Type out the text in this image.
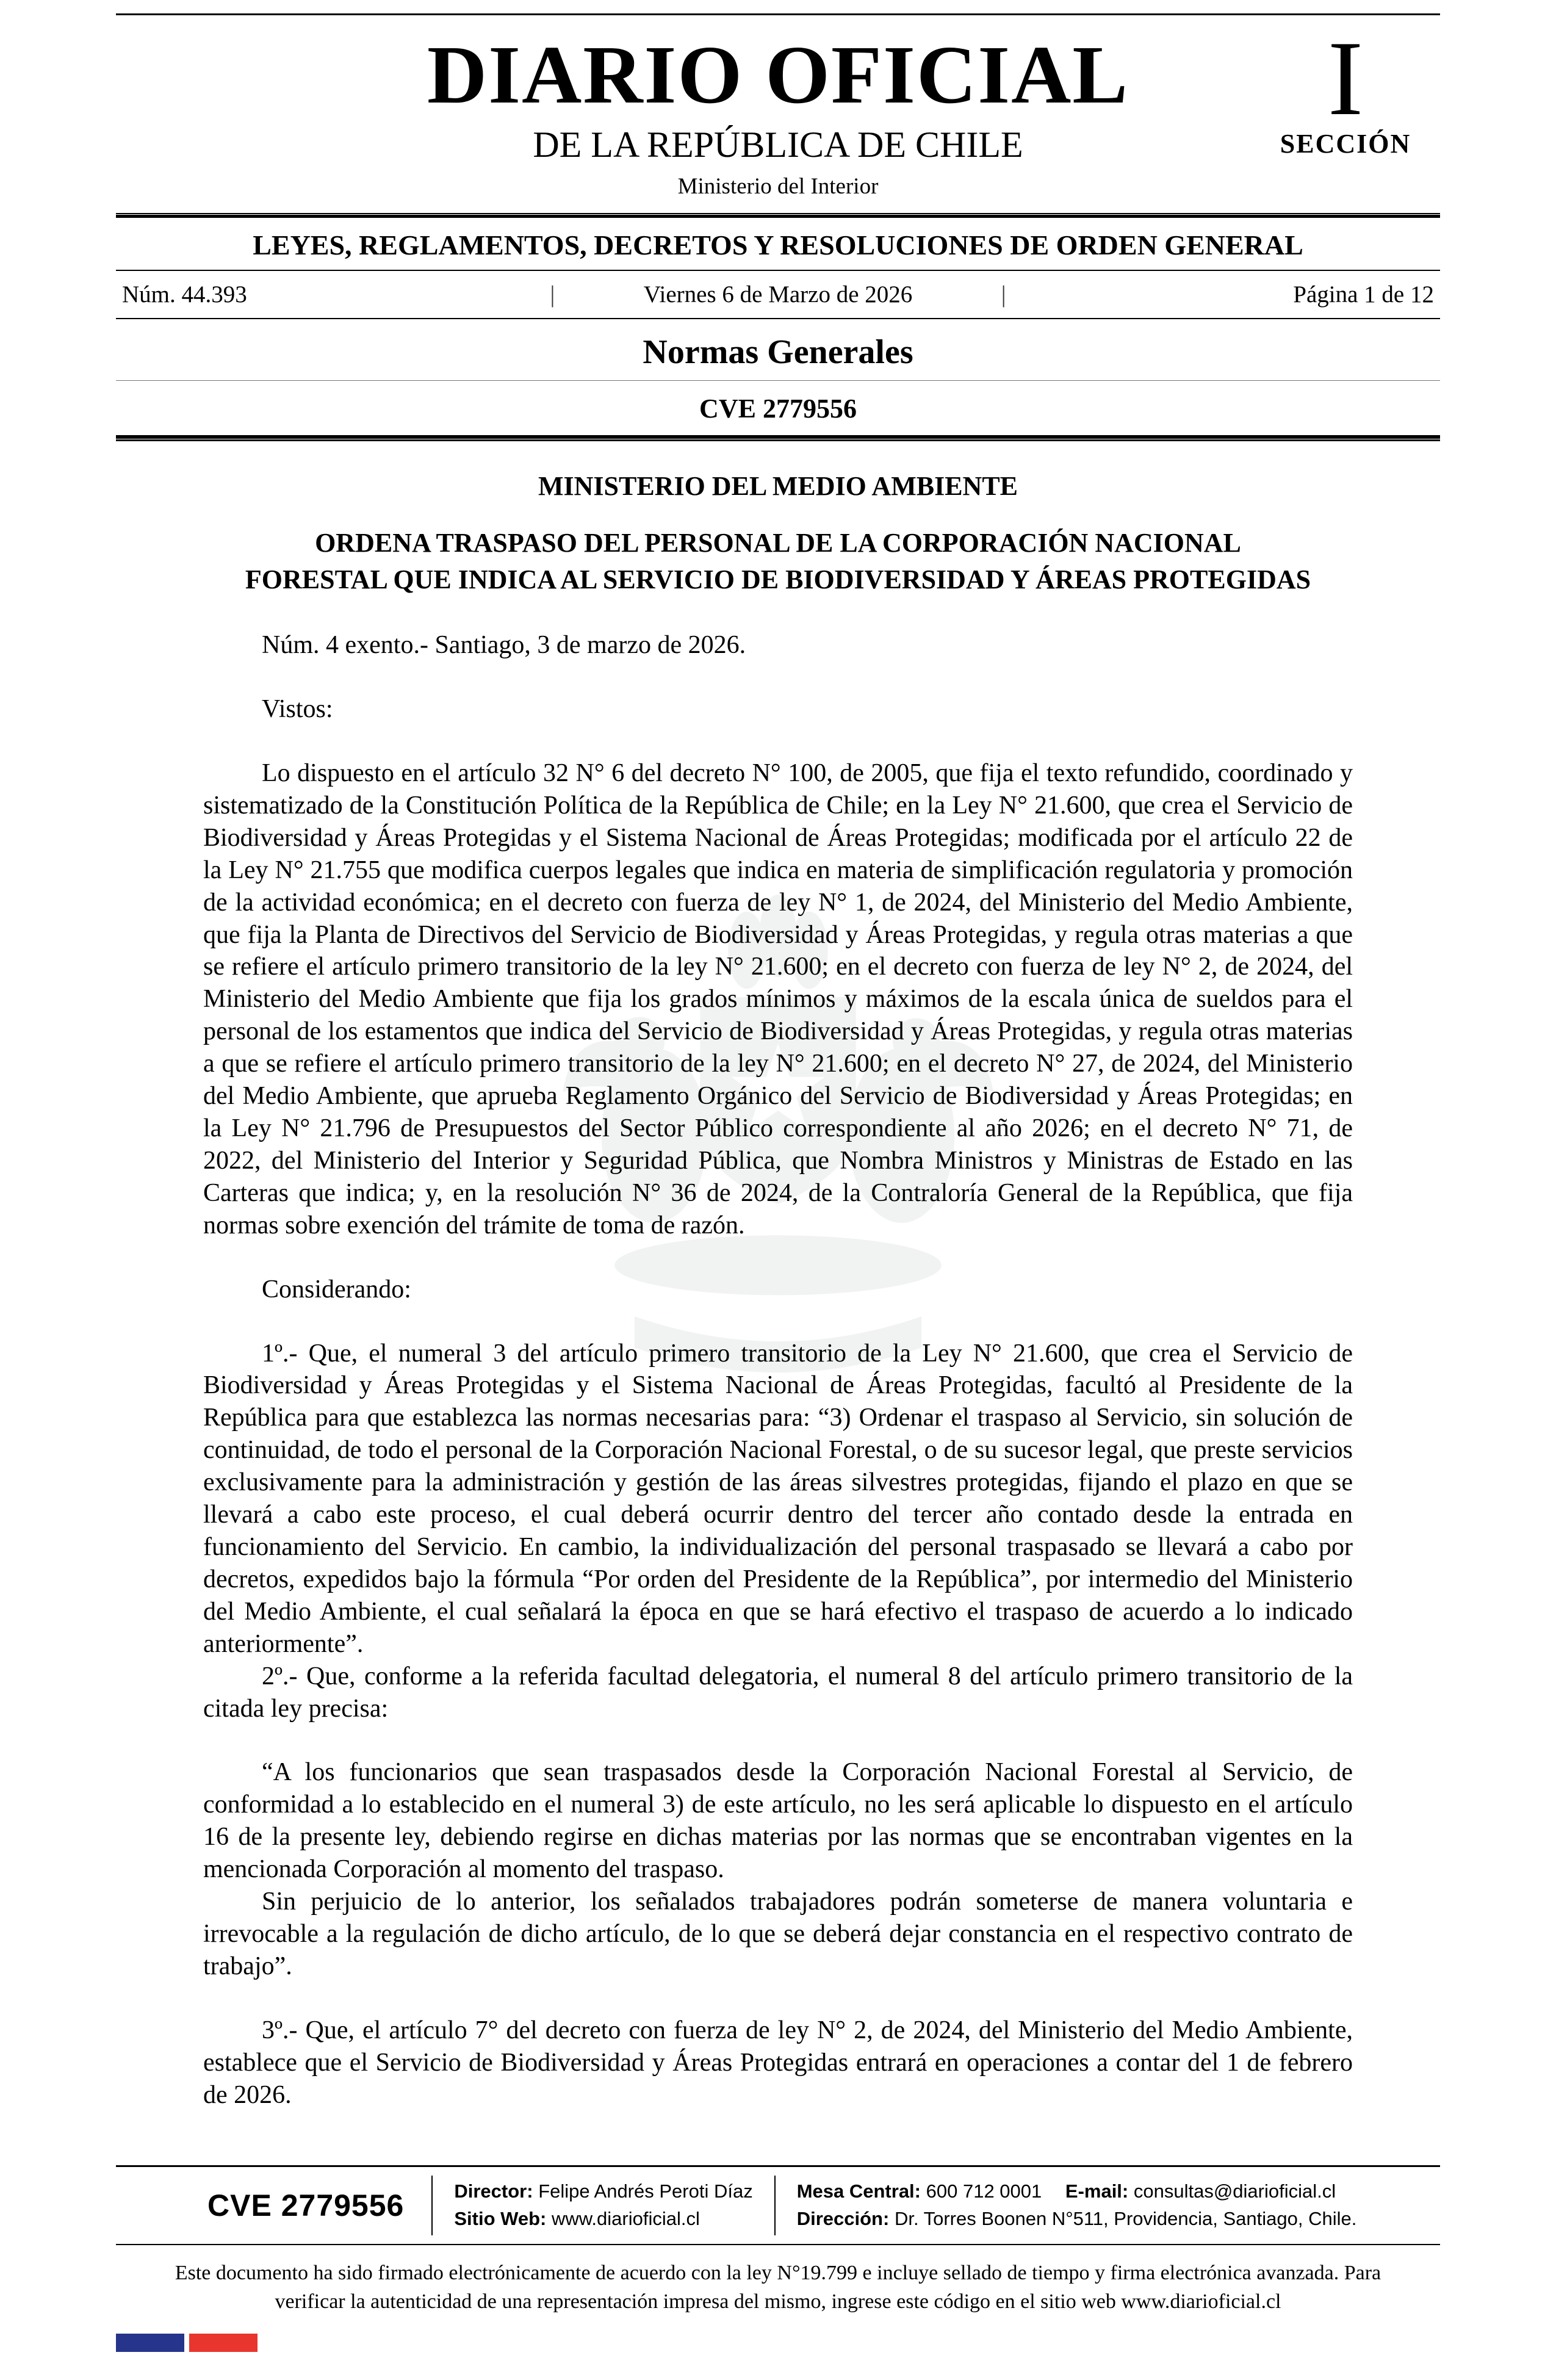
DIARIO OFICIAL
DE LA REPÚBLICA DE CHILE
Ministerio del Interior
I
SECCIÓN
LEYES, REGLAMENTOS, DECRETOS Y RESOLUCIONES DE ORDEN GENERAL
Núm. 44.393	|	Viernes 6 de Marzo de 2026	|	Página 1 de 12
Normas Generales
CVE 2779556
MINISTERIO DEL MEDIO AMBIENTE
ORDENA TRASPASO DEL PERSONAL DE LA CORPORACIÓN NACIONAL FORESTAL QUE INDICA AL SERVICIO DE BIODIVERSIDAD Y ÁREAS PROTEGIDAS

Núm. 4 exento.- Santiago, 3 de marzo de 2026.

Vistos:

Lo dispuesto en el artículo 32 N° 6 del decreto N° 100, de 2005, que fija el texto refundido, coordinado y sistematizado de la Constitución Política de la República de Chile; en la Ley N° 21.600, que crea el Servicio de Biodiversidad y Áreas Protegidas y el Sistema Nacional de Áreas Protegidas; modificada por el artículo 22 de la Ley N° 21.755 que modifica cuerpos legales que indica en materia de simplificación regulatoria y promoción de la actividad económica; en el decreto con fuerza de ley N° 1, de 2024, del Ministerio del Medio Ambiente, que fija la Planta de Directivos del Servicio de Biodiversidad y Áreas Protegidas, y regula otras materias a que se refiere el artículo primero transitorio de la ley N° 21.600; en el decreto con fuerza de ley N° 2, de 2024, del Ministerio del Medio Ambiente que fija los grados mínimos y máximos de la escala única de sueldos para el personal de los estamentos que indica del Servicio de Biodiversidad y Áreas Protegidas, y regula otras materias a que se refiere el artículo primero transitorio de la ley N° 21.600; en el decreto N° 27, de 2024, del Ministerio del Medio Ambiente, que aprueba Reglamento Orgánico del Servicio de Biodiversidad y Áreas Protegidas; en la Ley N° 21.796 de Presupuestos del Sector Público correspondiente al año 2026; en el decreto N° 71, de 2022, del Ministerio del Interior y Seguridad Pública, que Nombra Ministros y Ministras de Estado en las Carteras que indica; y, en la resolución N° 36 de 2024, de la Contraloría General de la República, que fija normas sobre exención del trámite de toma de razón.

Considerando:

1º.- Que, el numeral 3 del artículo primero transitorio de la Ley N° 21.600, que crea el Servicio de Biodiversidad y Áreas Protegidas y el Sistema Nacional de Áreas Protegidas, facultó al Presidente de la República para que establezca las normas necesarias para: “3) Ordenar el traspaso al Servicio, sin solución de continuidad, de todo el personal de la Corporación Nacional Forestal, o de su sucesor legal, que preste servicios exclusivamente para la administración y gestión de las áreas silvestres protegidas, fijando el plazo en que se llevará a cabo este proceso, el cual deberá ocurrir dentro del tercer año contado desde la entrada en funcionamiento del Servicio. En cambio, la individualización del personal traspasado se llevará a cabo por decretos, expedidos bajo la fórmula “Por orden del Presidente de la República”, por intermedio del Ministerio del Medio Ambiente, el cual señalará la época en que se hará efectivo el traspaso de acuerdo a lo indicado anteriormente”.

2º.- Que, conforme a la referida facultad delegatoria, el numeral 8 del artículo primero transitorio de la citada ley precisa:

“A los funcionarios que sean traspasados desde la Corporación Nacional Forestal al Servicio, de conformidad a lo establecido en el numeral 3) de este artículo, no les será aplicable lo dispuesto en el artículo 16 de la presente ley, debiendo regirse en dichas materias por las normas que se encontraban vigentes en la mencionada Corporación al momento del traspaso.

Sin perjuicio de lo anterior, los señalados trabajadores podrán someterse de manera voluntaria e irrevocable a la regulación de dicho artículo, de lo que se deberá dejar constancia en el respectivo contrato de trabajo”.

3º.- Que, el artículo 7° del decreto con fuerza de ley N° 2, de 2024, del Ministerio del Medio Ambiente, establece que el Servicio de Biodiversidad y Áreas Protegidas entrará en operaciones a contar del 1 de febrero de 2026.

CVE 2779556	Director: Felipe Andrés Peroti Díaz
Sitio Web: www.diarioficial.cl
Mesa Central: 600 712 0001 E-mail: consultas@diarioficial.cl
Dirección: Dr. Torres Boonen N°511, Providencia, Santiago, Chile.
Este documento ha sido firmado electrónicamente de acuerdo con la ley N°19.799 e incluye sellado de tiempo y firma electrónica avanzada. Para verificar la autenticidad de una representación impresa del mismo, ingrese este código en el sitio web www.diarioficial.cl
